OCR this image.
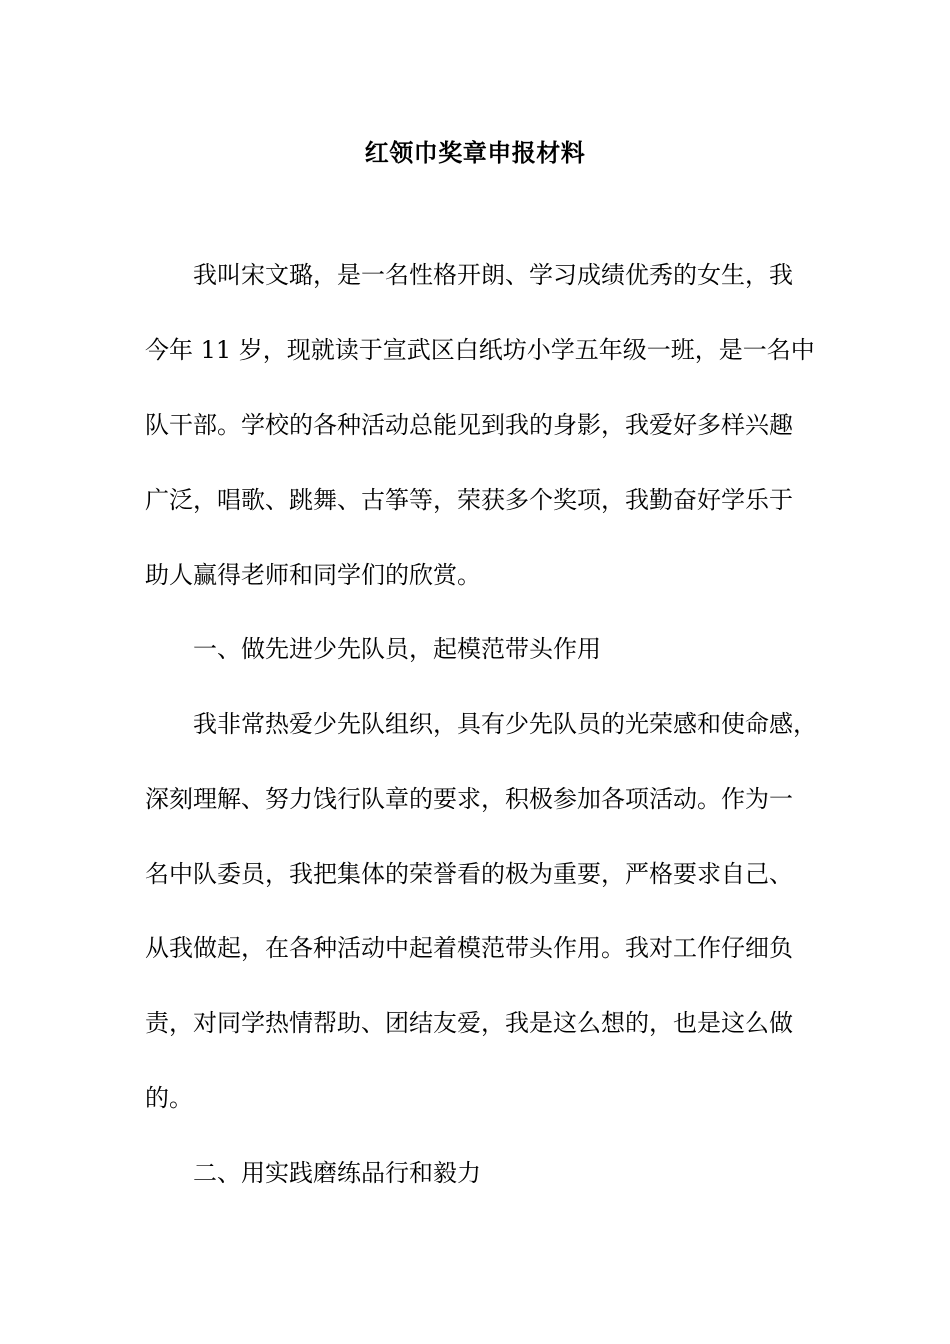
红领巾奖章申报材料
我叫宋文璐，是一名性格开朗、学习成绩优秀的女生，我
今年 11 岁，现就读于宣武区白纸坊小学五年级一班，是一名中
队干部。学校的各种活动总能见到我的身影，我爱好多样兴趣
广泛，唱歌、跳舞、古筝等，荣获多个奖项，我勤奋好学乐于
助人赢得老师和同学们的欣赏。
一、做先进少先队员，起模范带头作用
我非常热爱少先队组织，具有少先队员的光荣感和使命感，
深刻理解、努力饯行队章的要求，积极参加各项活动。作为一
名中队委员，我把集体的荣誉看的极为重要，严格要求自己、
从我做起，在各种活动中起着模范带头作用。我对工作仔细负
责，对同学热情帮助、团结友爱，我是这么想的，也是这么做
的。
二、用实践磨练品行和毅力
